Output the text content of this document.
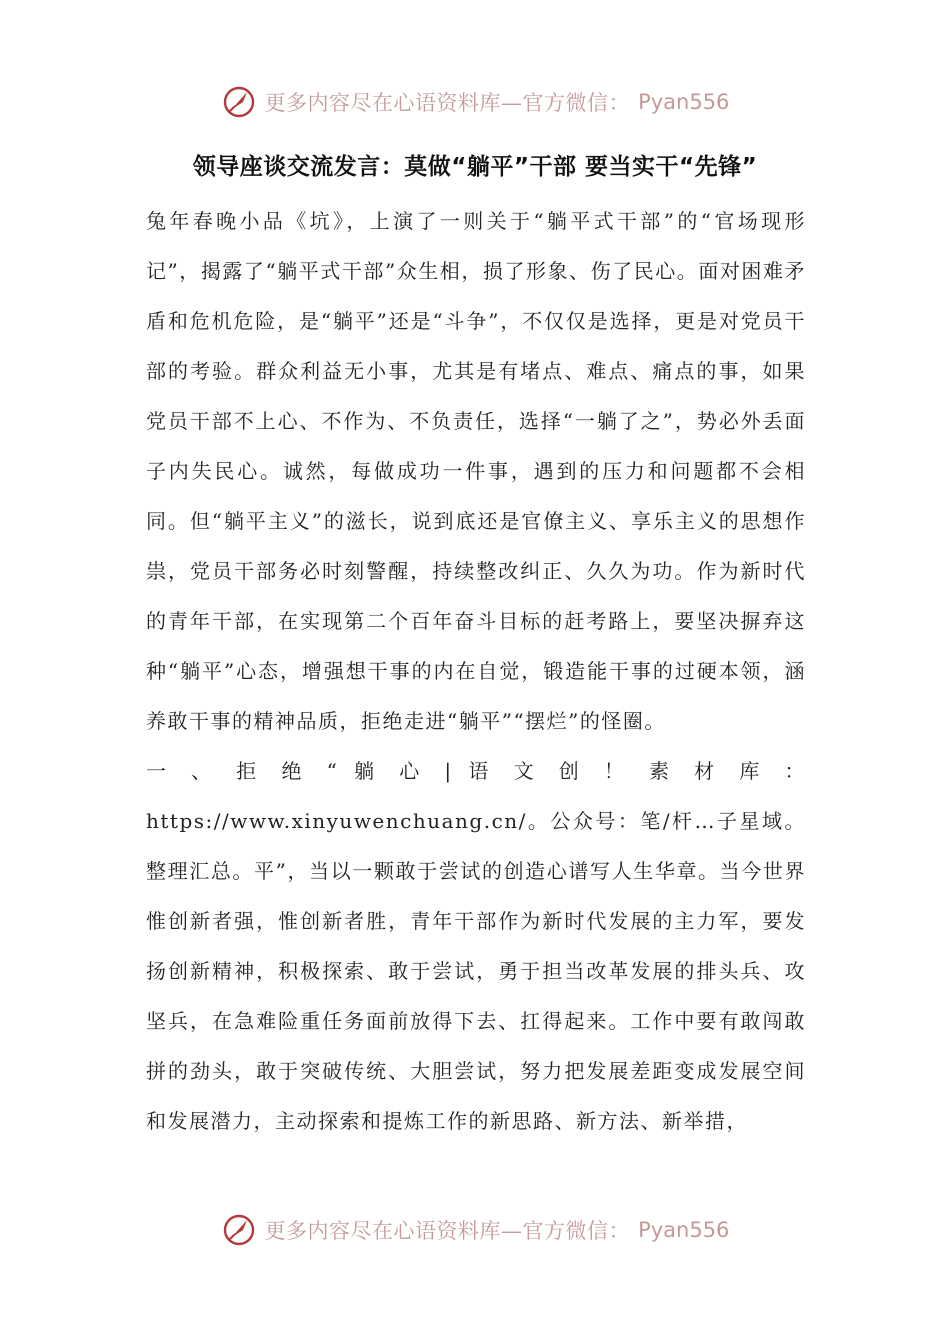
更多内容尽在心语资料库—官方微信： Pyan556
领导座谈交流发言：莫做“躺平”干部 要当实干“先锋”

兔年春晚小品《坑》，上演了一则关于“躺平式干部”的“官场现形记”，揭露了“躺平式干部”众生相，损了形象、伤了民心。面对困难矛盾和危机危险，是“躺平”还是“斗争”，不仅仅是选择，更是对党员干部的考验。群众利益无小事，尤其是有堵点、难点、痛点的事，如果党员干部不上心、不作为、不负责任，选择“一躺了之”，势必外丢面子内失民心。诚然，每做成功一件事，遇到的压力和问题都不会相同。但“躺平主义”的滋长，说到底还是官僚主义、享乐主义的思想作祟，党员干部务必时刻警醒，持续整改纠正、久久为功。作为新时代的青年干部，在实现第二个百年奋斗目标的赶考路上，要坚决摒弃这种“躺平”心态，增强想干事的内在自觉，锻造能干事的过硬本领，涵养敢干事的精神品质，拒绝走进“躺平”“摆烂”的怪圈。

一 、 拒 绝 “ 躺 心 | 语 文 创 ！ 素 材 库 ： https://www.xinyuwenchuang.cn/。公众号：笔/杆…子星域。整理汇总。平”，当以一颗敢于尝试的创造心谱写人生华章。当今世界惟创新者强，惟创新者胜，青年干部作为新时代发展的主力军，要发扬创新精神，积极探索、敢于尝试，勇于担当改革发展的排头兵、攻坚兵，在急难险重任务面前放得下去、扛得起来。工作中要有敢闯敢拼的劲头，敢于突破传统、大胆尝试，努力把发展差距变成发展空间和发展潜力，主动探索和提炼工作的新思路、新方法、新举措，

更多内容尽在心语资料库—官方微信： Pyan556
